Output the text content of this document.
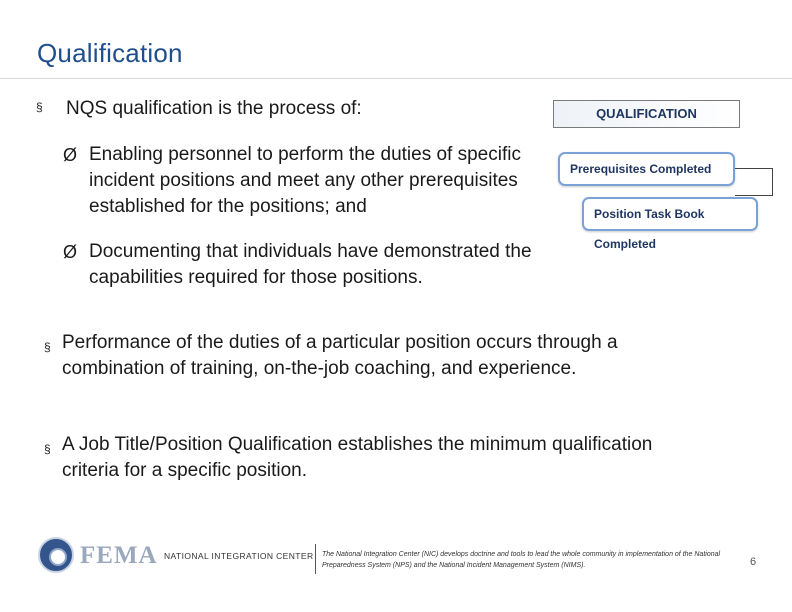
Qualification
§ NQS qualification is the process of:
Ø Enabling personnel to perform the duties of specific incident positions and meet any other prerequisites established for the positions; and
Ø Documenting that individuals have demonstrated the capabilities required for those positions.
§ Performance of the duties of a particular position occurs through a combination of training, on-the-job coaching, and experience.
§ A Job Title/Position Qualification establishes the minimum qualification criteria for a specific position.
QUALIFICATION
Prerequisites Completed
Position Task Book Completed
FEMA NATIONAL INTEGRATION CENTER The National Integration Center (NIC) develops doctrine and tools to lead the whole community in implementation of the National Preparedness System (NPS) and the National Incident Management System (NIMS).	6
